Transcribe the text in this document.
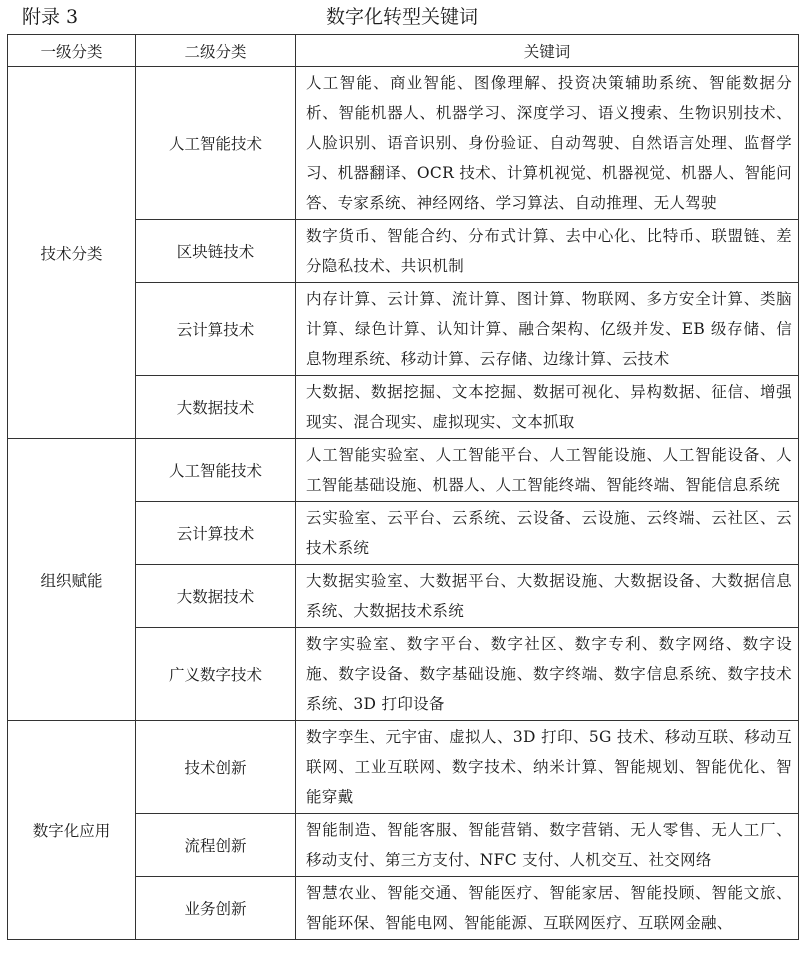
附录 3	数字化转型关键词
一级分类	二级分类	关键词
技术分类	人工智能技术	人工智能、商业智能、图像理解、投资决策辅助系统、智能数据分析、智能机器人、机器学习、深度学习、语义搜索、生物识别技术、人脸识别、语音识别、身份验证、自动驾驶、自然语言处理、监督学习、机器翻译、OCR 技术、计算机视觉、机器视觉、机器人、智能问答、专家系统、神经网络、学习算法、自动推理、无人驾驶
	区块链技术	数字货币、智能合约、分布式计算、去中心化、比特币、联盟链、差分隐私技术、共识机制
	云计算技术	内存计算、云计算、流计算、图计算、物联网、多方安全计算、类脑计算、绿色计算、认知计算、融合架构、亿级并发、EB 级存储、信息物理系统、移动计算、云存储、边缘计算、云技术
	大数据技术	大数据、数据挖掘、文本挖掘、数据可视化、异构数据、征信、增强现实、混合现实、虚拟现实、文本抓取
组织赋能	人工智能技术	人工智能实验室、人工智能平台、人工智能设施、人工智能设备、人工智能基础设施、机器人、人工智能终端、智能终端、智能信息系统
	云计算技术	云实验室、云平台、云系统、云设备、云设施、云终端、云社区、云技术系统
	大数据技术	大数据实验室、大数据平台、大数据设施、大数据设备、大数据信息系统、大数据技术系统
	广义数字技术	数字实验室、数字平台、数字社区、数字专利、数字网络、数字设施、数字设备、数字基础设施、数字终端、数字信息系统、数字技术系统、3D 打印设备
数字化应用	技术创新	数字孪生、元宇宙、虚拟人、3D 打印、5G 技术、移动互联、移动互联网、工业互联网、数字技术、纳米计算、智能规划、智能优化、智能穿戴
	流程创新	智能制造、智能客服、智能营销、数字营销、无人零售、无人工厂、移动支付、第三方支付、NFC 支付、人机交互、社交网络
	业务创新	智慧农业、智能交通、智能医疗、智能家居、智能投顾、智能文旅、智能环保、智能电网、智能能源、互联网医疗、互联网金融、
